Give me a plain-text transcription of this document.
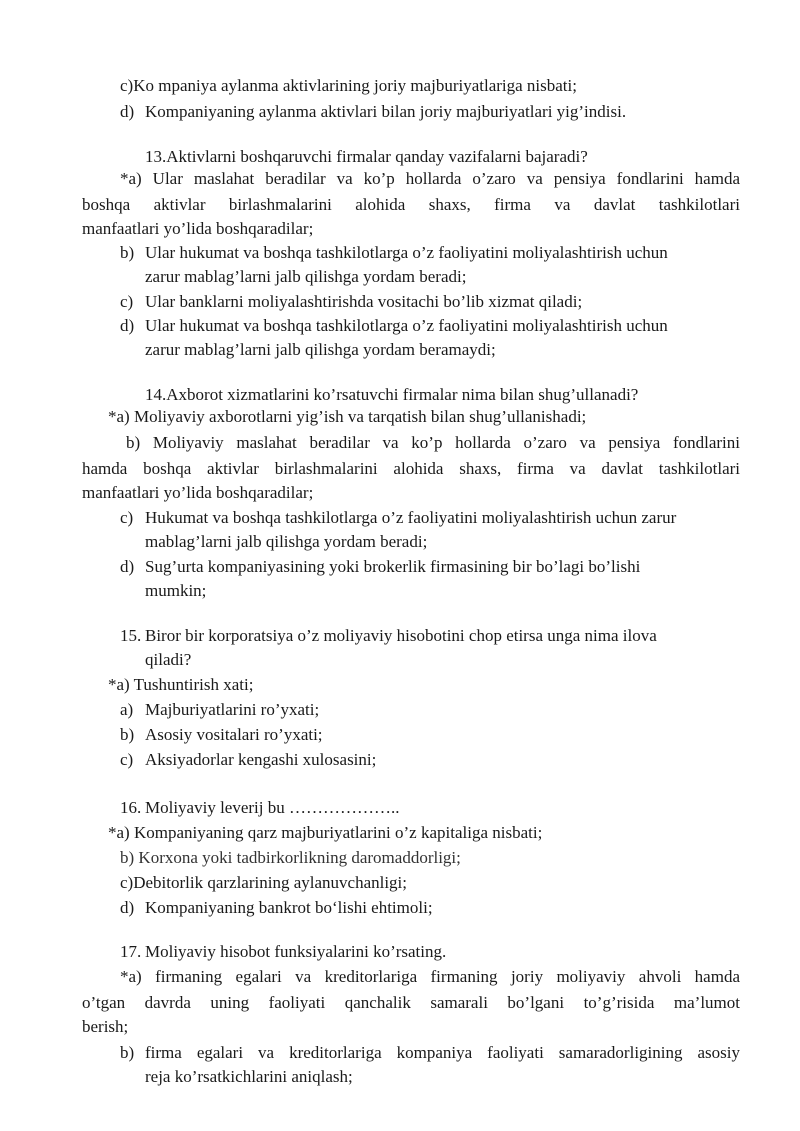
c)Ko mpaniya aylanma aktivlarining joriy majburiyatlariga nisbati;
d) Kompaniyaning aylanma aktivlari bilan joriy majburiyatlari yig’indisi.
13.Aktivlarni boshqaruvchi firmalar qanday vazifalarni bajaradi?
*a) Ular maslahat beradilar va ko’p hollarda o’zaro va pensiya fondlarini hamda
boshqa aktivlar birlashmalarini alohida shaxs, firma va davlat tashkilotlari
manfaatlari yo’lida boshqaradilar;
b) Ular hukumat va boshqa tashkilotlarga o’z faoliyatini moliyalashtirish uchun
zarur mablag’larni jalb qilishga yordam beradi;
c) Ular banklarni moliyalashtirishda vositachi bo’lib xizmat qiladi;
d) Ular hukumat va boshqa tashkilotlarga o’z faoliyatini moliyalashtirish uchun
zarur mablag’larni jalb qilishga yordam beramaydi;
14.Axborot xizmatlarini ko’rsatuvchi firmalar nima bilan shug’ullanadi?
*a) Moliyaviy axborotlarni yig’ish va tarqatish bilan shug’ullanishadi;
b) Moliyaviy maslahat beradilar va ko’p hollarda o’zaro va pensiya fondlarini
hamda boshqa aktivlar birlashmalarini alohida shaxs, firma va davlat tashkilotlari
manfaatlari yo’lida boshqaradilar;
c) Hukumat va boshqa tashkilotlarga o’z faoliyatini moliyalashtirish uchun zarur
mablag’larni jalb qilishga yordam beradi;
d) Sug’urta kompaniyasining yoki brokerlik firmasining bir bo’lagi bo’lishi
mumkin;
15. Biror bir korporatsiya o’z moliyaviy hisobotini chop etirsa unga nima ilova
qiladi?
*a) Tushuntirish xati;
a) Majburiyatlarini ro’yxati;
b) Asosiy vositalari ro’yxati;
c) Aksiyadorlar kengashi xulosasini;
16. Moliyaviy leverij bu ………………..
*a) Kompaniyaning qarz majburiyatlarini o’z kapitaliga nisbati;
b) Korxona yoki tadbirkorlikning daromaddorligi;
c)Debitorlik qarzlarining aylanuvchanligi;
d) Kompaniyaning bankrot bo‘lishi ehtimoli;
17. Moliyaviy hisobot funksiyalarini ko’rsating.
*a) firmaning egalari va kreditorlariga firmaning joriy moliyaviy ahvoli hamda
o’tgan davrda uning faoliyati qanchalik samarali bo’lgani to’g’risida ma’lumot
berish;
b) firma egalari va kreditorlariga kompaniya faoliyati samaradorligining asosiy
reja ko’rsatkichlarini aniqlash;
